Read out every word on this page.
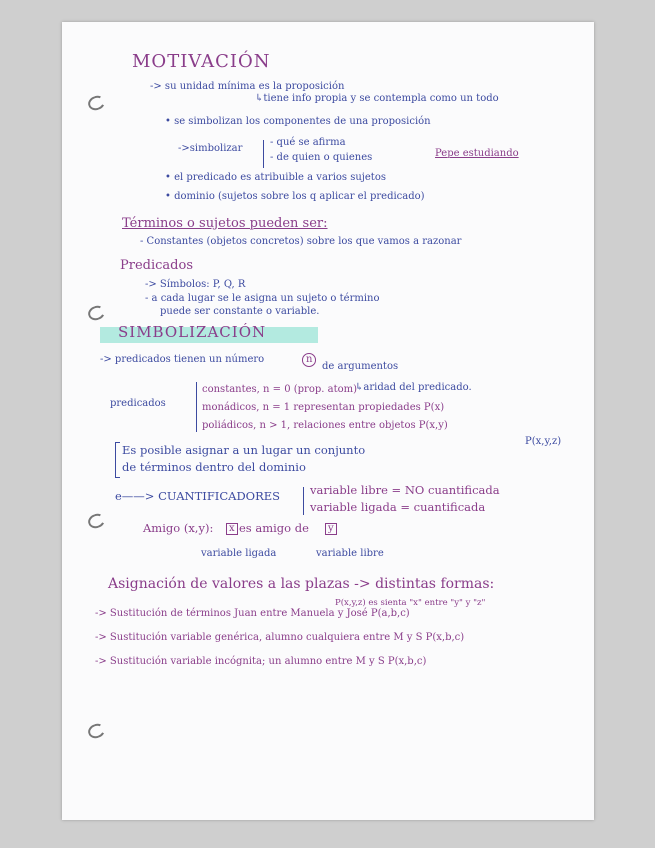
MOTIVACIÓN
-> su unidad mínima es la proposición
↳tiene info propia y se contempla como un todo
• se simbolizan los componentes de una proposición
->simbolizar
- qué se afirma
- de quien o quienes	Pepe estudiando
• el predicado es atribuible a varios sujetos
• dominio (sujetos sobre los q aplicar el predicado)
Términos o sujetos pueden ser:
- Constantes (objetos concretos) sobre los que vamos a razonar
Predicados
-> Símbolos: P, Q, R
- a cada lugar se le asigna un sujeto o término
puede ser constante o variable.
SIMBOLIZACIÓN
-> predicados tienen un número	n
de argumentos
↳aridad del predicado.
predicados
constantes, n = 0 (prop. atom)
monádicos, n = 1 representan propiedades P(x)
poliádicos, n > 1, relaciones entre objetos P(x,y)
P(x,y,z)
Es posible asignar a un lugar un conjunto
de términos dentro del dominio
e——> CUANTIFICADORES	variable libre = NO cuantificada
variable ligada = cuantificada
Amigo (x,y):	x es amigo de	y
variable ligada	variable libre
Asignación de valores a las plazas -> distintas formas:
P(x,y,z) es sienta "x" entre "y" y "z"
-> Sustitución de términos Juan entre Manuela y José P(a,b,c)
-> Sustitución variable genérica, alumno cualquiera entre M y S P(x,b,c)
-> Sustitución variable incógnita; un alumno entre M y S P(x,b,c)
